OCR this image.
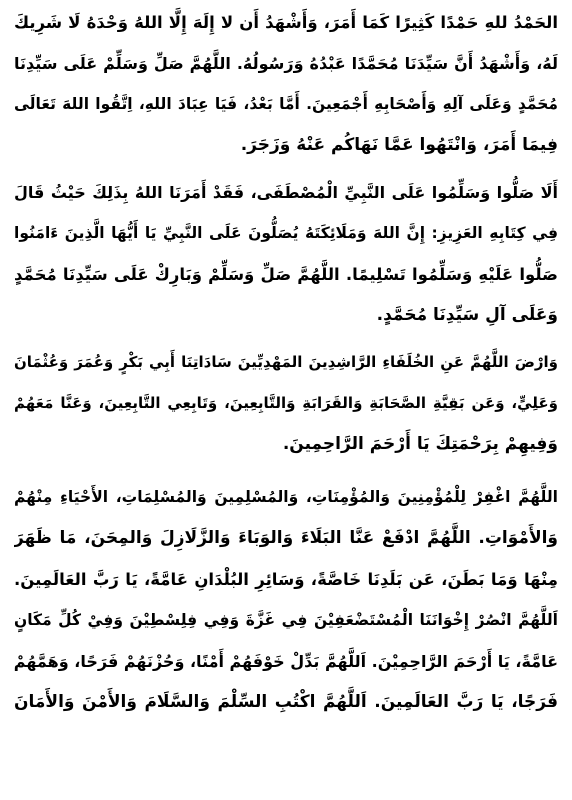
الحَمْدُ للهِ حَمْدًا كَثِيرًا كَمَا أَمَرَ، وَأَشْهَدُ أَن لا إِلَهَ إِلَّا اللهُ وَحْدَهُ لَا شَرِيكَ
لَهُ، وَأَشْهَدُ أَنَّ سَيِّدَنَا مُحَمَّدًا عَبْدُهُ وَرَسُولُهُ. اللَّهُمَّ صَلِّ وَسَلِّمْ عَلَى سَيِّدِنَا
مُحَمَّدٍ وَعَلَى آلِهِ وَأَصْحَابِهِ أَجْمَعِينَ. أَمَّا بَعْدُ، فَيَا عِبَادَ اللهِ، اِتَّقُوا اللهَ تَعَالَى
فِيمَا أَمَرَ، وَانْتَهُوا عَمَّا نَهَاكُم عَنْهُ وَزَجَرَ.
أَلَا صَلُّوا وَسَلِّمُوا عَلَى النَّبِيِّ الْمُصْطَفَى، فَقَدْ أَمَرَنَا اللهُ بِذَلِكَ حَيْثُ قَالَ
فِي كِتَابِهِ العَزِيزِ: إِنَّ اللهَ وَمَلَائِكَتَهُ يُصَلُّونَ عَلَى النَّبِيِّ يَا أَيُّهَا الَّذِينَ ءَامَنُوا
صَلُّوا عَلَيْهِ وَسَلِّمُوا تَسْلِيمًا. اللَّهُمَّ صَلِّ وَسَلِّمْ وَبَارِكْ عَلَى سَيِّدِنَا مُحَمَّدٍ
وَعَلَى آلِ سَيِّدِنَا مُحَمَّدٍ.
وَارْضَ اللَّهُمَّ عَنِ الخُلَفَاءِ الرَّاشِدِينَ المَهْدِيِّينَ سَادَاتِنَا أَبِي بَكْرٍ وَعُمَرَ وَعُثْمَانَ
وَعَلِيٍّ، وَعَن بَقِيَّةِ الصَّحَابَةِ وَالقَرَابَةِ وَالتَّابِعِينَ، وَتَابِعِي التَّابِعِينَ، وَعَنَّا مَعَهُمْ
وَفِيهِمْ بِرَحْمَتِكَ يَا أَرْحَمَ الرَّاحِمِينَ.
اللَّهُمَّ اغْفِرْ لِلْمُؤْمِنِينَ وَالمُؤْمِنَاتِ، وَالمُسْلِمِينَ وَالمُسْلِمَاتِ، الأَحْيَاءِ مِنْهُمْ
وَالأَمْوَاتِ. اللَّهُمَّ ادْفَعْ عَنَّا البَلَاءَ وَالوَبَاءَ وَالزَّلَازِلَ وَالمِحَنَ، مَا ظَهَرَ
مِنْهَا وَمَا بَطَنَ، عَن بَلَدِنَا خَاصَّةً، وَسَائِرِ البُلْدَانِ عَامَّةً، يَا رَبَّ العَالَمِينَ.
اَللَّهُمَّ انْصُرْ إِخْوَانَنَا الْمُسْتَضْعَفِيْنَ فِي غَزَّةَ وَفِي فِلِسْطِيْنَ وَفِيْ كُلِّ مَكَانٍ
عَامَّةً، يَا أَرْحَمَ الرَّاحِمِيْنَ. اَللَّهُمَّ بَدِّلْ خَوْفَهُمْ أَمْنًا، وَحُزْنَهُمْ فَرَحًا، وَهَمَّهُمْ
فَرَجًا، يَا رَبَّ العَالَمِينَ. اَللَّهُمَّ اكْتُبِ السِّلْمَ وَالسَّلَامَ وَالأَمْنَ وَالأَمَانَ
